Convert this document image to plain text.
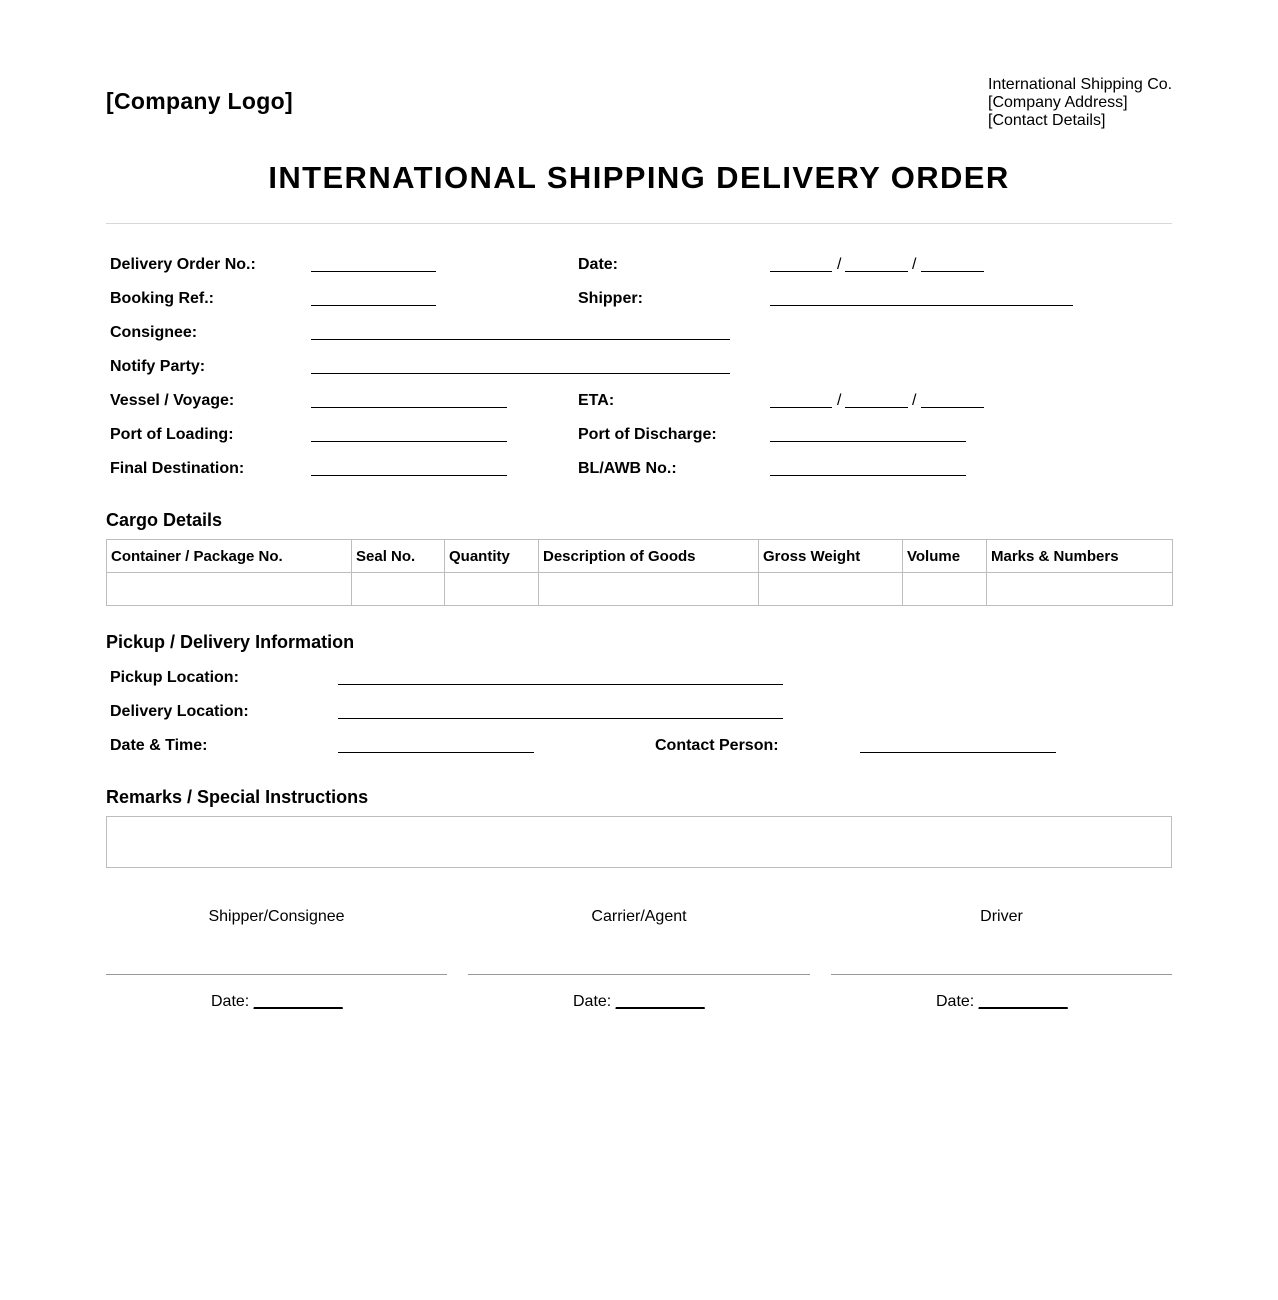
[Company Logo]
International Shipping Co.
[Company Address]
[Contact Details]
INTERNATIONAL SHIPPING DELIVERY ORDER
Delivery Order No.:	Date:	/	/
Booking Ref.:	Shipper:
Consignee:
Notify Party:
Vessel / Voyage:	ETA:	/	/
Port of Loading:	Port of Discharge:
Final Destination:	BL/AWB No.:
Cargo Details
Container / Package No.	Seal No.	Quantity	Description of Goods	Gross Weight	Volume	Marks & Numbers

Pickup / Delivery Information
Pickup Location:
Delivery Location:
Date & Time:	Contact Person:
Remarks / Special Instructions
Shipper/Consignee
Date: __________
Carrier/Agent
Date: __________
Driver
Date: __________
